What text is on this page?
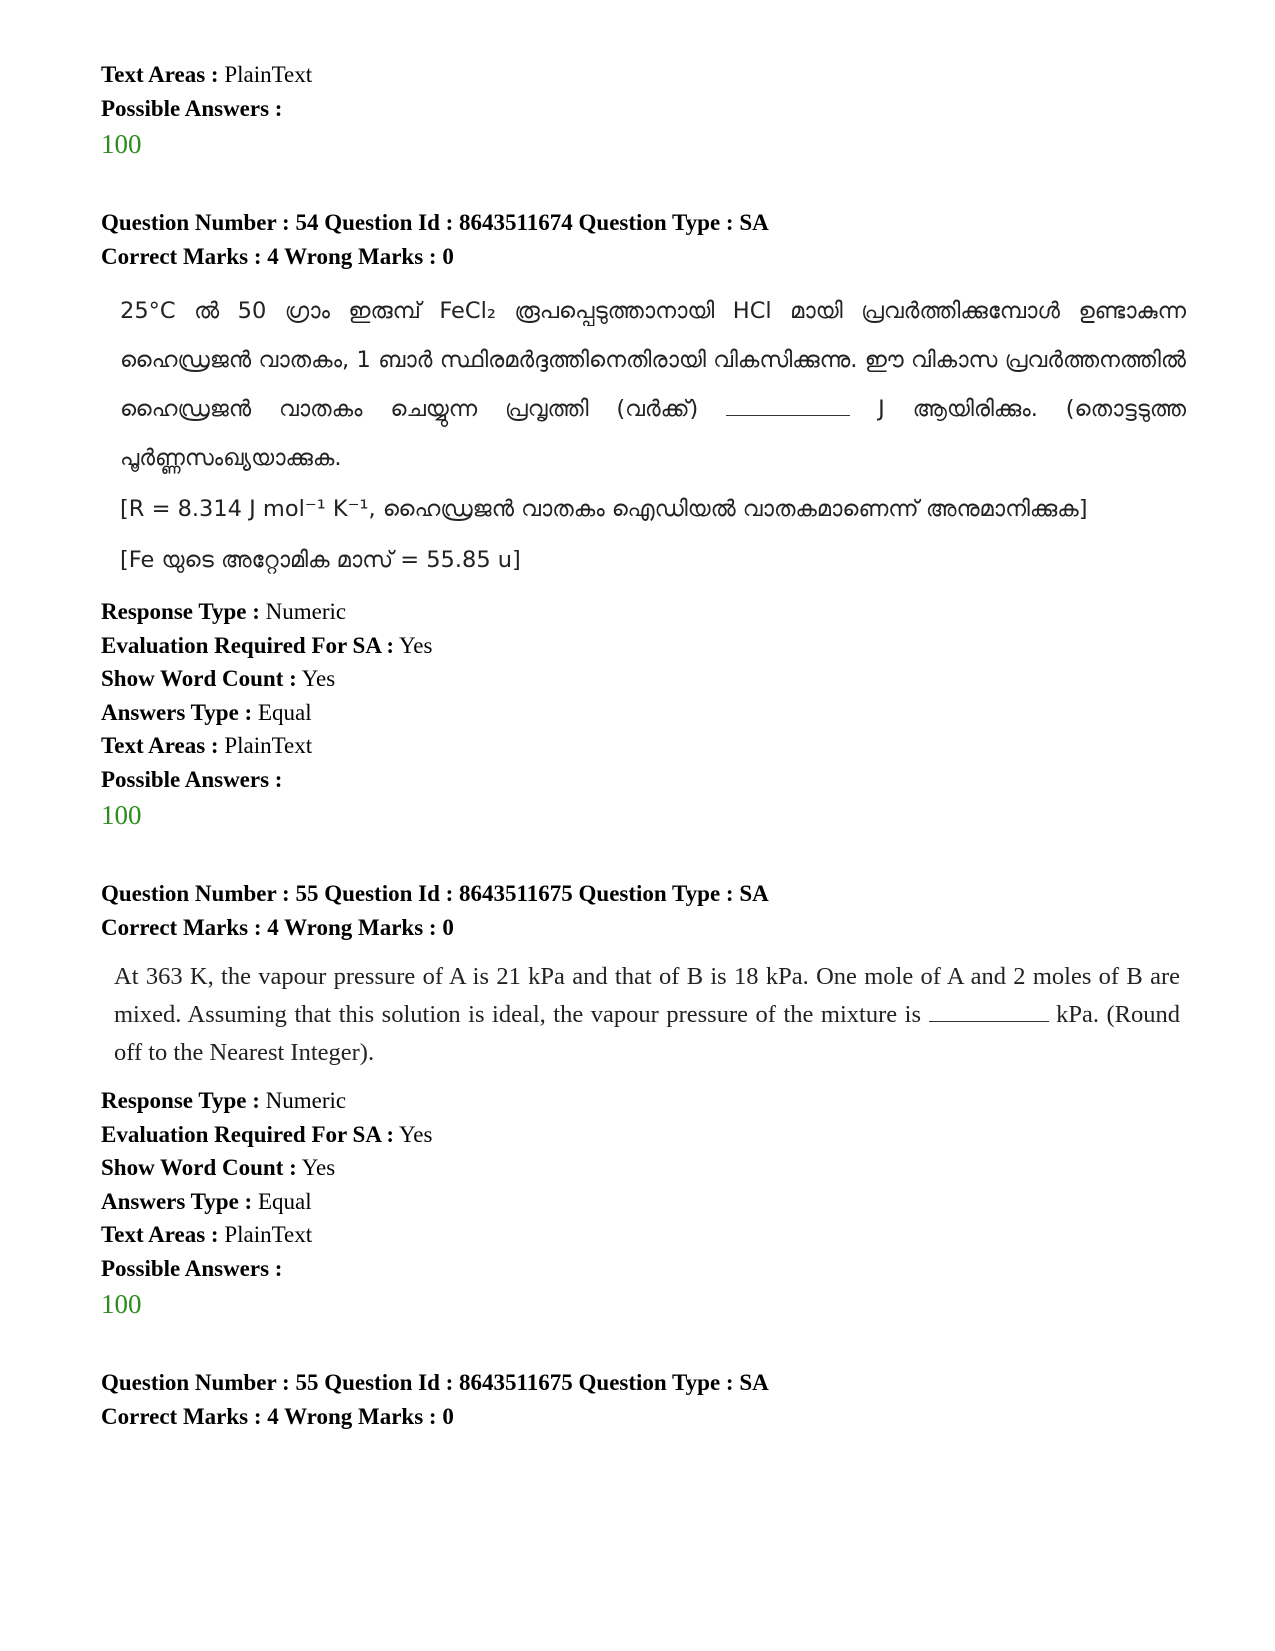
Text Areas : PlainText
Possible Answers :
100
Question Number : 54 Question Id : 8643511674 Question Type : SA
Correct Marks : 4 Wrong Marks : 0

25°C ൽ 50 ഗ്രാം ഇരുമ്പ് FeCl₂ രൂപപ്പെടുത്താനായി HCl മായി പ്രവർത്തിക്കുമ്പോൾ ഉണ്ടാകുന്ന ഹൈഡ്രജൻ വാതകം, 1 ബാർ സ്ഥിരമർദ്ദത്തിനെതിരായി വികസിക്കുന്നു. ഈ വികാസ പ്രവർത്തനത്തിൽ ഹൈഡ്രജൻ വാതകം ചെയ്യുന്ന പ്രവൃത്തി (വർക്ക്)	J ആയിരിക്കും. (തൊട്ടടുത്ത പൂർണ്ണസംഖ്യയാക്കുക.

[R = 8.314 J mol⁻¹ K⁻¹, ഹൈഡ്രജൻ വാതകം ഐഡിയൽ വാതകമാണെന്ന് അനുമാനിക്കുക]

[Fe യുടെ അറ്റോമിക മാസ് = 55.85 u]

Response Type : Numeric
Evaluation Required For SA : Yes
Show Word Count : Yes
Answers Type : Equal
Text Areas : PlainText
Possible Answers :
100
Question Number : 55 Question Id : 8643511675 Question Type : SA
Correct Marks : 4 Wrong Marks : 0
At 363 K, the vapour pressure of A is 21 kPa and that of B is 18 kPa. One mole of A and 2 moles of B are mixed. Assuming that this solution is ideal, the vapour pressure of the mixture is	kPa. (Round off to the Nearest Integer).
Response Type : Numeric
Evaluation Required For SA : Yes
Show Word Count : Yes
Answers Type : Equal
Text Areas : PlainText
Possible Answers :
100
Question Number : 55 Question Id : 8643511675 Question Type : SA
Correct Marks : 4 Wrong Marks : 0
